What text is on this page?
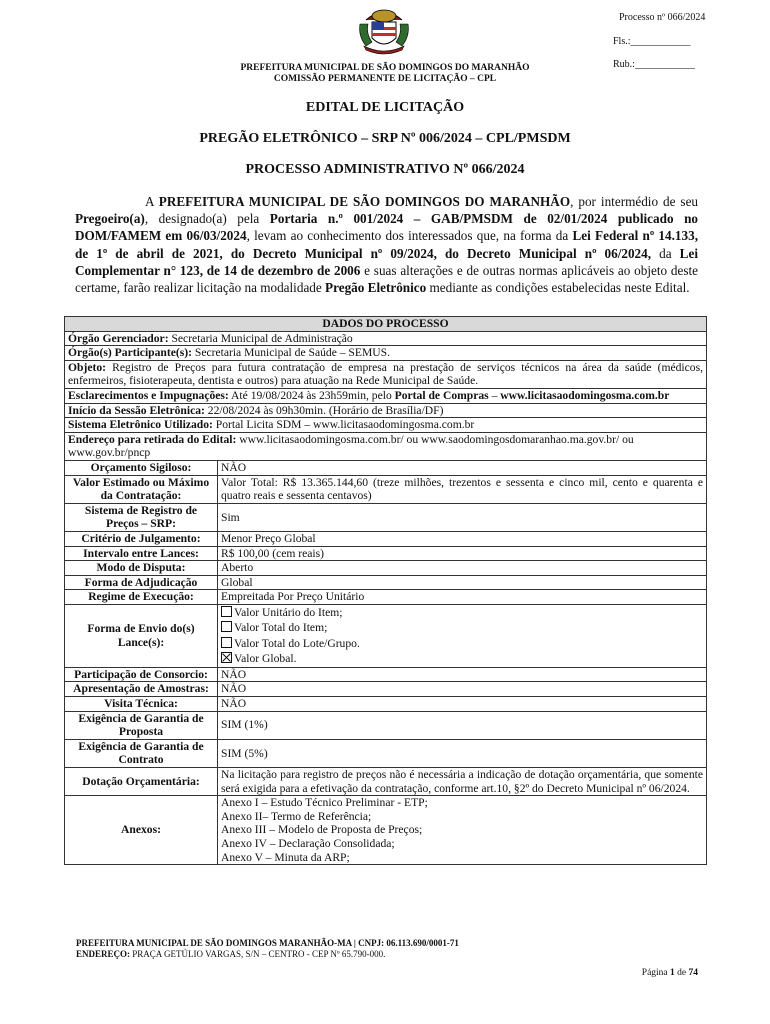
Processo nº 066/2024
Fls.:____________
Rub.:____________
PREFEITURA MUNICIPAL DE SÃO DOMINGOS DO MARANHÃO
COMISSÃO PERMANENTE DE LICITAÇÃO – CPL
EDITAL DE LICITAÇÃO
PREGÃO ELETRÔNICO – SRP Nº 006/2024 – CPL/PMSDM
PROCESSO ADMINISTRATIVO Nº 066/2024
A PREFEITURA MUNICIPAL DE SÃO DOMINGOS DO MARANHÃO, por intermédio de seu Pregoeiro(a), designado(a) pela Portaria n.º 001/2024 – GAB/PMSDM de 02/01/2024 publicado no DOM/FAMEM em 06/03/2024, levam ao conhecimento dos interessados que, na forma da Lei Federal nº 14.133, de 1º de abril de 2021, do Decreto Municipal nº 09/2024, do Decreto Municipal nº 06/2024, da Lei Complementar n° 123, de 14 de dezembro de 2006 e suas alterações e de outras normas aplicáveis ao objeto deste certame, farão realizar licitação na modalidade Pregão Eletrônico mediante as condições estabelecidas neste Edital.
DADOS DO PROCESSO	
Órgão Gerenciador: Secretaria Municipal de Administração	
Órgão(s) Participante(s): Secretaria Municipal de Saúde – SEMUS.	
Objeto: Registro de Preços para futura contratação de empresa na prestação de serviços técnicos na área da saúde (médicos, enfermeiros, fisioterapeuta, dentista e outros) para atuação na Rede Municipal de Saúde.	
Esclarecimentos e Impugnações: Até 19/08/2024 às 23h59min, pelo Portal de Compras – www.licitasaodomingosma.com.br	
Início da Sessão Eletrônica: 22/08/2024 às 09h30min. (Horário de Brasília/DF)	
Sistema Eletrônico Utilizado: Portal Licita SDM – www.licitasaodomingosma.com.br	
Endereço para retirada do Edital: www.licitasaodomingosma.com.br/ ou www.saodomingosdomaranhao.ma.gov.br/ ou www.gov.br/pncp	
Orçamento Sigiloso:	NÃO
Valor Estimado ou Máximo da Contratação:	Valor Total: R$ 13.365.144,60 (treze milhões, trezentos e sessenta e cinco mil, cento e quarenta e quatro reais e sessenta centavos)
Sistema de Registro de Preços – SRP:	Sim
Critério de Julgamento:	Menor Preço Global
Intervalo entre Lances:	R$ 100,00 (cem reais)
Modo de Disputa:	Aberto
Forma de Adjudicação	Global
Regime de Execução:	Empreitada Por Preço Unitário
Forma de Envio do(s) Lance(s):	Valor Unitário do Item;
Valor Total do Item;
Valor Total do Lote/Grupo.
Valor Global.

Participação de Consorcio:	NÃO
Apresentação de Amostras:	NÃO
Visita Técnica:	NÃO
Exigência de Garantia de Proposta	SIM (1%)
Exigência de Garantia de Contrato	SIM (5%)
Dotação Orçamentária:	Na licitação para registro de preços não é necessária a indicação de dotação orçamentária, que somente será exigida para a efetivação da contratação, conforme art.10, §2º do Decreto Municipal nº 06/2024.
Anexos:	Anexo I – Estudo Técnico Preliminar - ETP;
Anexo II– Termo de Referência;
Anexo III – Modelo de Proposta de Preços;
Anexo IV – Declaração Consolidada;
Anexo V – Minuta da ARP;
PREFEITURA MUNICIPAL DE SÃO DOMINGOS MARANHÃO-MA | CNPJ: 06.113.690/0001-71
ENDEREÇO: PRAÇA GETÚLIO VARGAS, S/N – CENTRO - CEP Nº 65.790-000.
Página 1 de 74
